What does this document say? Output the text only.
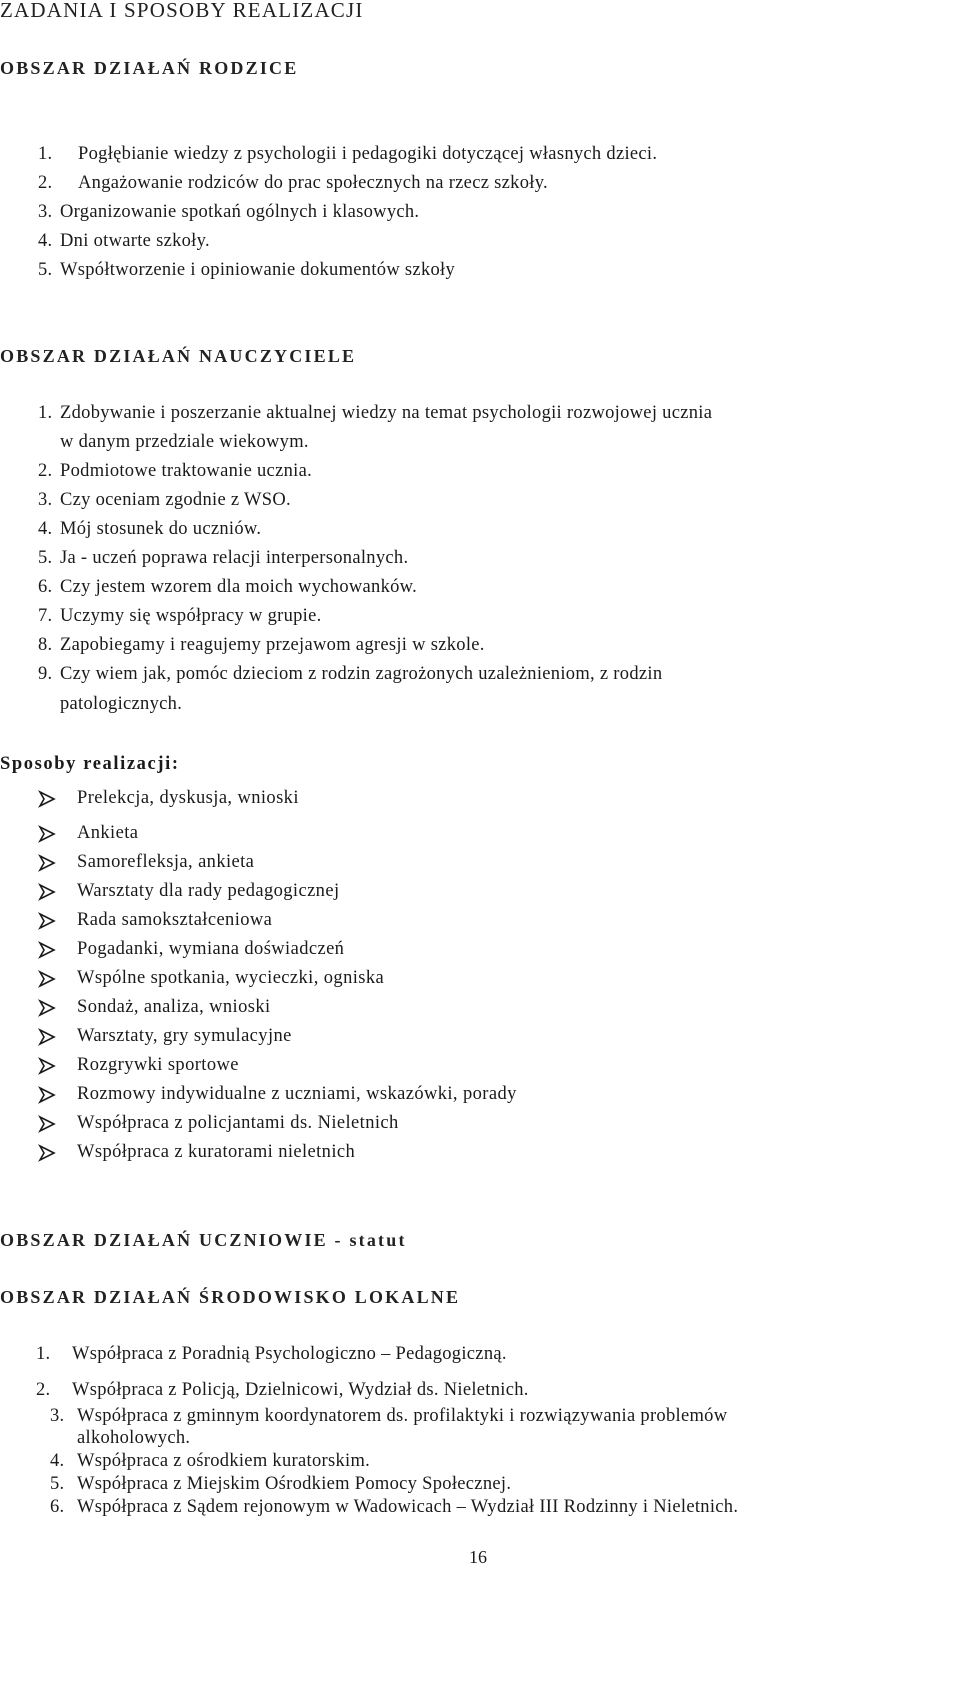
ZADANIA I SPOSOBY REALIZACJI
OBSZAR DZIAŁAŃ RODZICE
1. Pogłębianie wiedzy z psychologii i pedagogiki dotyczącej własnych dzieci.
2. Angażowanie rodziców do prac społecznych na rzecz szkoły.
3. Organizowanie spotkań ogólnych i klasowych.
4. Dni otwarte szkoły.
5. Współtworzenie i opiniowanie dokumentów szkoły
OBSZAR DZIAŁAŃ NAUCZYCIELE
1. Zdobywanie i poszerzanie aktualnej wiedzy na temat psychologii rozwojowej ucznia
w danym przedziale wiekowym.
2. Podmiotowe traktowanie ucznia.
3. Czy oceniam zgodnie z WSO.
4. Mój stosunek do uczniów.
5. Ja - uczeń poprawa relacji interpersonalnych.
6. Czy jestem wzorem dla moich wychowanków.
7. Uczymy się współpracy w grupie.
8. Zapobiegamy i reagujemy przejawom agresji w szkole.
9. Czy wiem jak, pomóc dzieciom z rodzin zagrożonych uzależnieniom, z rodzin
patologicznych.
Sposoby realizacji:
Prelekcja, dyskusja, wnioski
Ankieta
Samorefleksja, ankieta
Warsztaty dla rady pedagogicznej
Rada samokształceniowa
Pogadanki, wymiana doświadczeń
Wspólne spotkania, wycieczki, ogniska
Sondaż, analiza, wnioski
Warsztaty, gry symulacyjne
Rozgrywki sportowe
Rozmowy indywidualne z uczniami, wskazówki, porady
Współpraca z policjantami ds. Nieletnich
Współpraca z kuratorami nieletnich
OBSZAR DZIAŁAŃ UCZNIOWIE - statut
OBSZAR DZIAŁAŃ ŚRODOWISKO LOKALNE
1. Współpraca z Poradnią Psychologiczno – Pedagogiczną.
2. Współpraca z Policją, Dzielnicowi, Wydział ds. Nieletnich.
3. Współpraca z gminnym koordynatorem ds. profilaktyki i rozwiązywania problemów
alkoholowych.
4. Współpraca z ośrodkiem kuratorskim.
5. Współpraca z Miejskim Ośrodkiem Pomocy Społecznej.
6. Współpraca z Sądem rejonowym w Wadowicach – Wydział III Rodzinny i Nieletnich.
16
